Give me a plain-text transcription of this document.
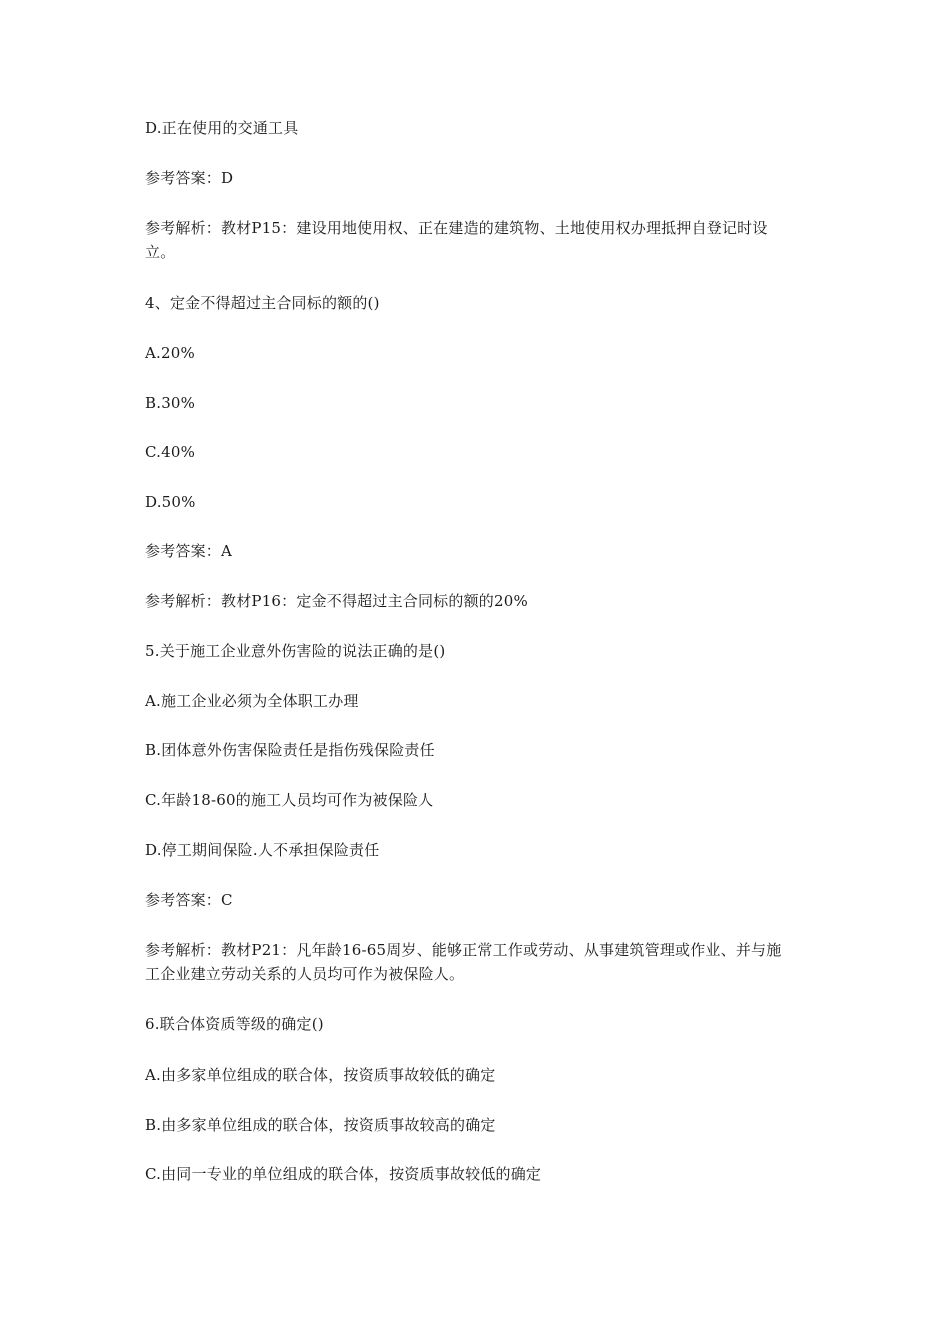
D.正在使用的交通工具
参考答案：D
参考解析：教材P15：建设用地使用权、正在建造的建筑物、土地使用权办理抵押自登记时设
立。
4、定金不得超过主合同标的额的()
A.20%
B.30%
C.40%
D.50%
参考答案：A
参考解析：教材P16：定金不得超过主合同标的额的20%
5.关于施工企业意外伤害险的说法正确的是()
A.施工企业必须为全体职工办理
B.团体意外伤害保险责任是指伤残保险责任
C.年龄18-60的施工人员均可作为被保险人
D.停工期间保险.人不承担保险责任
参考答案：C
参考解析：教材P21：凡年龄16-65周岁、能够正常工作或劳动、从事建筑管理或作业、并与施
工企业建立劳动关系的人员均可作为被保险人。
6.联合体资质等级的确定()
A.由多家单位组成的联合体，按资质事故较低的确定
B.由多家单位组成的联合体，按资质事故较高的确定
C.由同一专业的单位组成的联合体，按资质事故较低的确定
